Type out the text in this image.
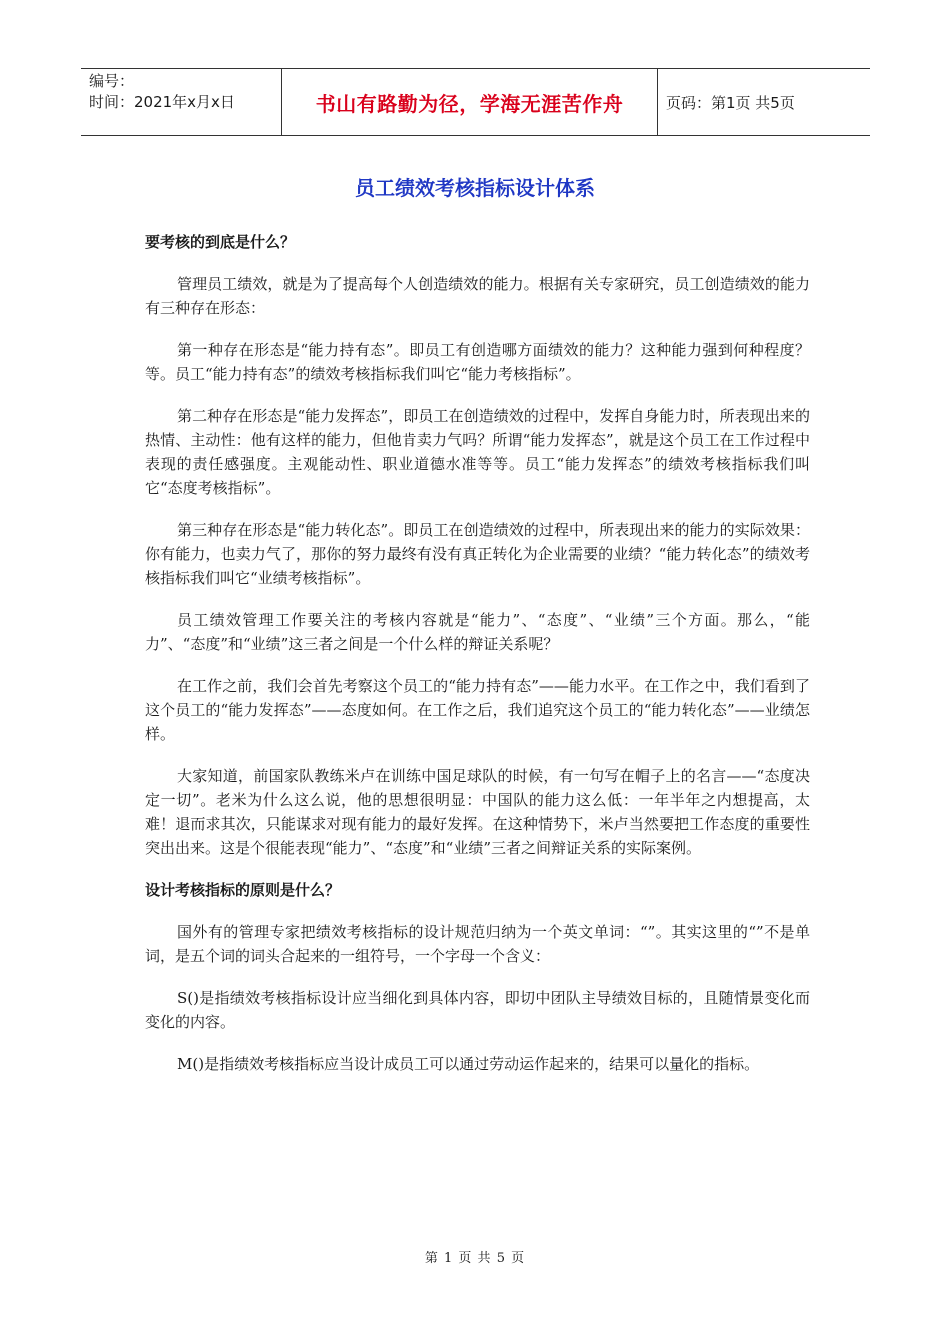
编号：
时间：2021年x月x日	书山有路勤为径，学海无涯苦作舟	页码：第1页 共5页
员工绩效考核指标设计体系
要考核的到底是什么？

管理员工绩效，就是为了提高每个人创造绩效的能力。根据有关专家研究，员工创造绩效的能力有三种存在形态：

第一种存在形态是“能力持有态”。即员工有创造哪方面绩效的能力？这种能力强到何种程度？等。员工“能力持有态”的绩效考核指标我们叫它“能力考核指标”。

第二种存在形态是“能力发挥态”，即员工在创造绩效的过程中，发挥自身能力时，所表现出来的热情、主动性：他有这样的能力，但他肯卖力气吗？所谓“能力发挥态”，就是这个员工在工作过程中表现的责任感强度。主观能动性、职业道德水准等等。员工“能力发挥态”的绩效考核指标我们叫它“态度考核指标”。

第三种存在形态是“能力转化态”。即员工在创造绩效的过程中，所表现出来的能力的实际效果：你有能力，也卖力气了，那你的努力最终有没有真正转化为企业需要的业绩？“能力转化态”的绩效考核指标我们叫它“业绩考核指标”。

员工绩效管理工作要关注的考核内容就是“能力”、“态度”、“业绩”三个方面。那么，“能力”、“态度”和“业绩”这三者之间是一个什么样的辩证关系呢？

在工作之前，我们会首先考察这个员工的“能力持有态”——能力水平。在工作之中，我们看到了这个员工的“能力发挥态”——态度如何。在工作之后，我们追究这个员工的“能力转化态”——业绩怎样。

大家知道，前国家队教练米卢在训练中国足球队的时候，有一句写在帽子上的名言——“态度决定一切”。老米为什么这么说，他的思想很明显：中国队的能力这么低：一年半年之内想提高，太难！退而求其次，只能谋求对现有能力的最好发挥。在这种情势下，米卢当然要把工作态度的重要性突出出来。这是个很能表现“能力”、“态度”和“业绩”三者之间辩证关系的实际案例。

设计考核指标的原则是什么？

国外有的管理专家把绩效考核指标的设计规范归纳为一个英文单词：“”。其实这里的“”不是单词，是五个词的词头合起来的一组符号，一个字母一个含义：

S()是指绩效考核指标设计应当细化到具体内容，即切中团队主导绩效目标的，且随情景变化而变化的内容。

M()是指绩效考核指标应当设计成员工可以通过劳动运作起来的，结果可以量化的指标。

第 1 页 共 5 页
